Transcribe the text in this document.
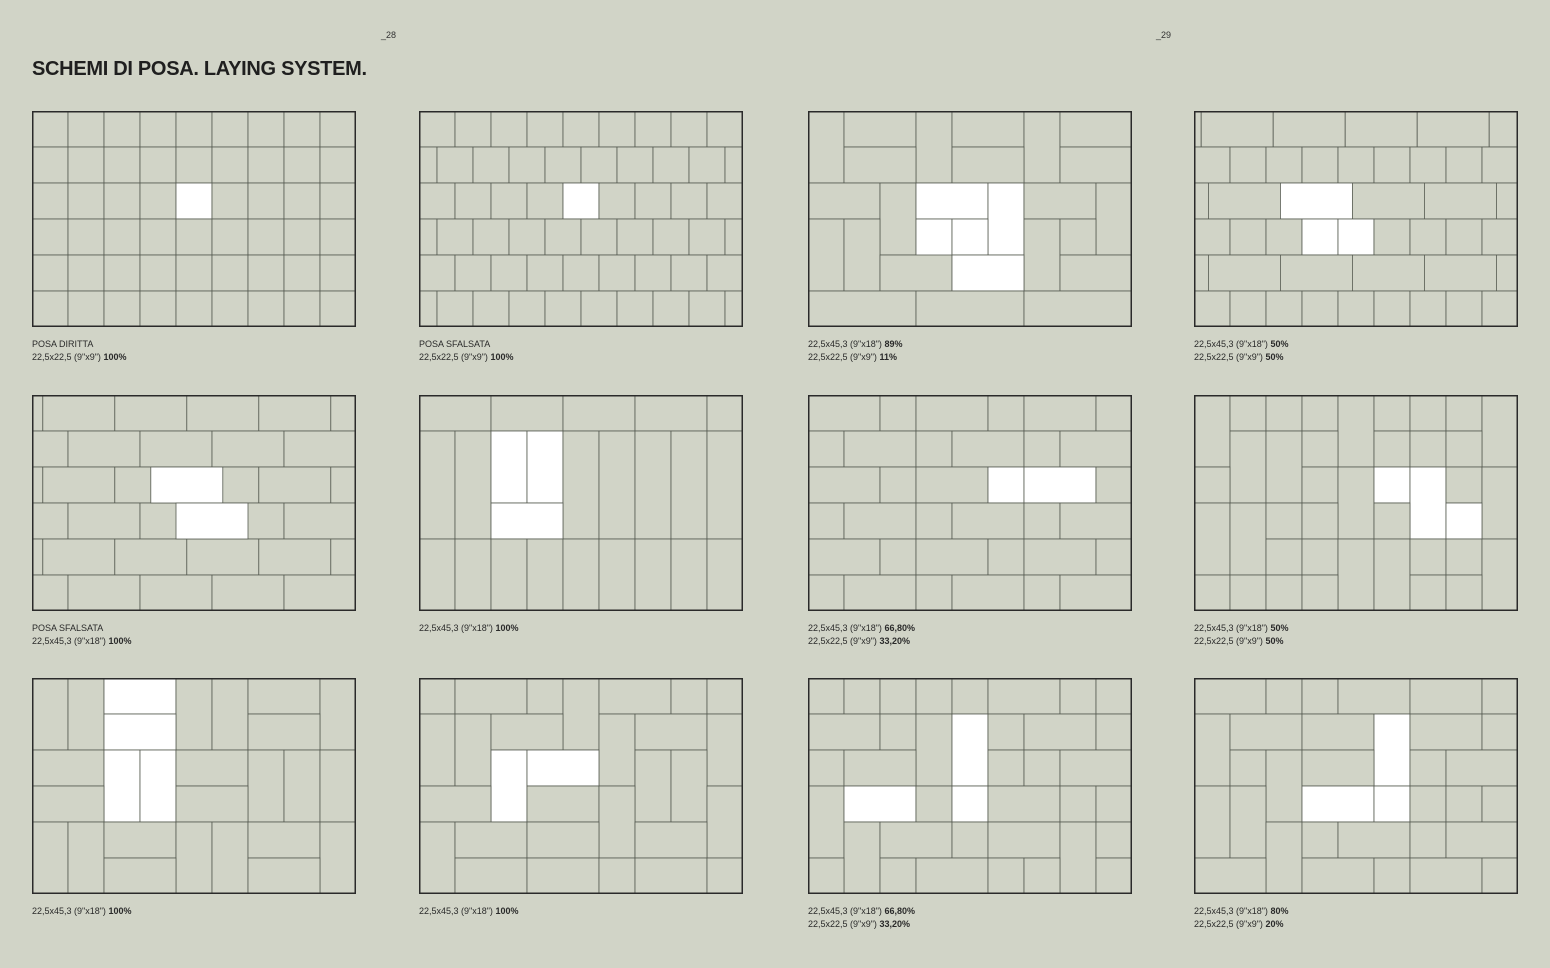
_28	_29
SCHEMI DI POSA. LAYING SYSTEM.
POSA DIRITTA
22,5x22,5 (9"x9") 100%
POSA SFALSATA
22,5x22,5 (9"x9") 100%
22,5x45,3 (9"x18") 89%
22,5x22,5 (9"x9") 11%
22,5x45,3 (9"x18") 50%
22,5x22,5 (9"x9") 50%
POSA SFALSATA
22,5x45,3 (9"x18") 100%
22,5x45,3 (9"x18") 100%	22,5x45,3 (9"x18") 66,80%
22,5x22,5 (9"x9") 33,20%
22,5x45,3 (9"x18") 50%
22,5x22,5 (9"x9") 50%
22,5x45,3 (9"x18") 100%	22,5x45,3 (9"x18") 100%	22,5x45,3 (9"x18") 66,80%
22,5x22,5 (9"x9") 33,20%
22,5x45,3 (9"x18") 80%
22,5x22,5 (9"x9") 20%
